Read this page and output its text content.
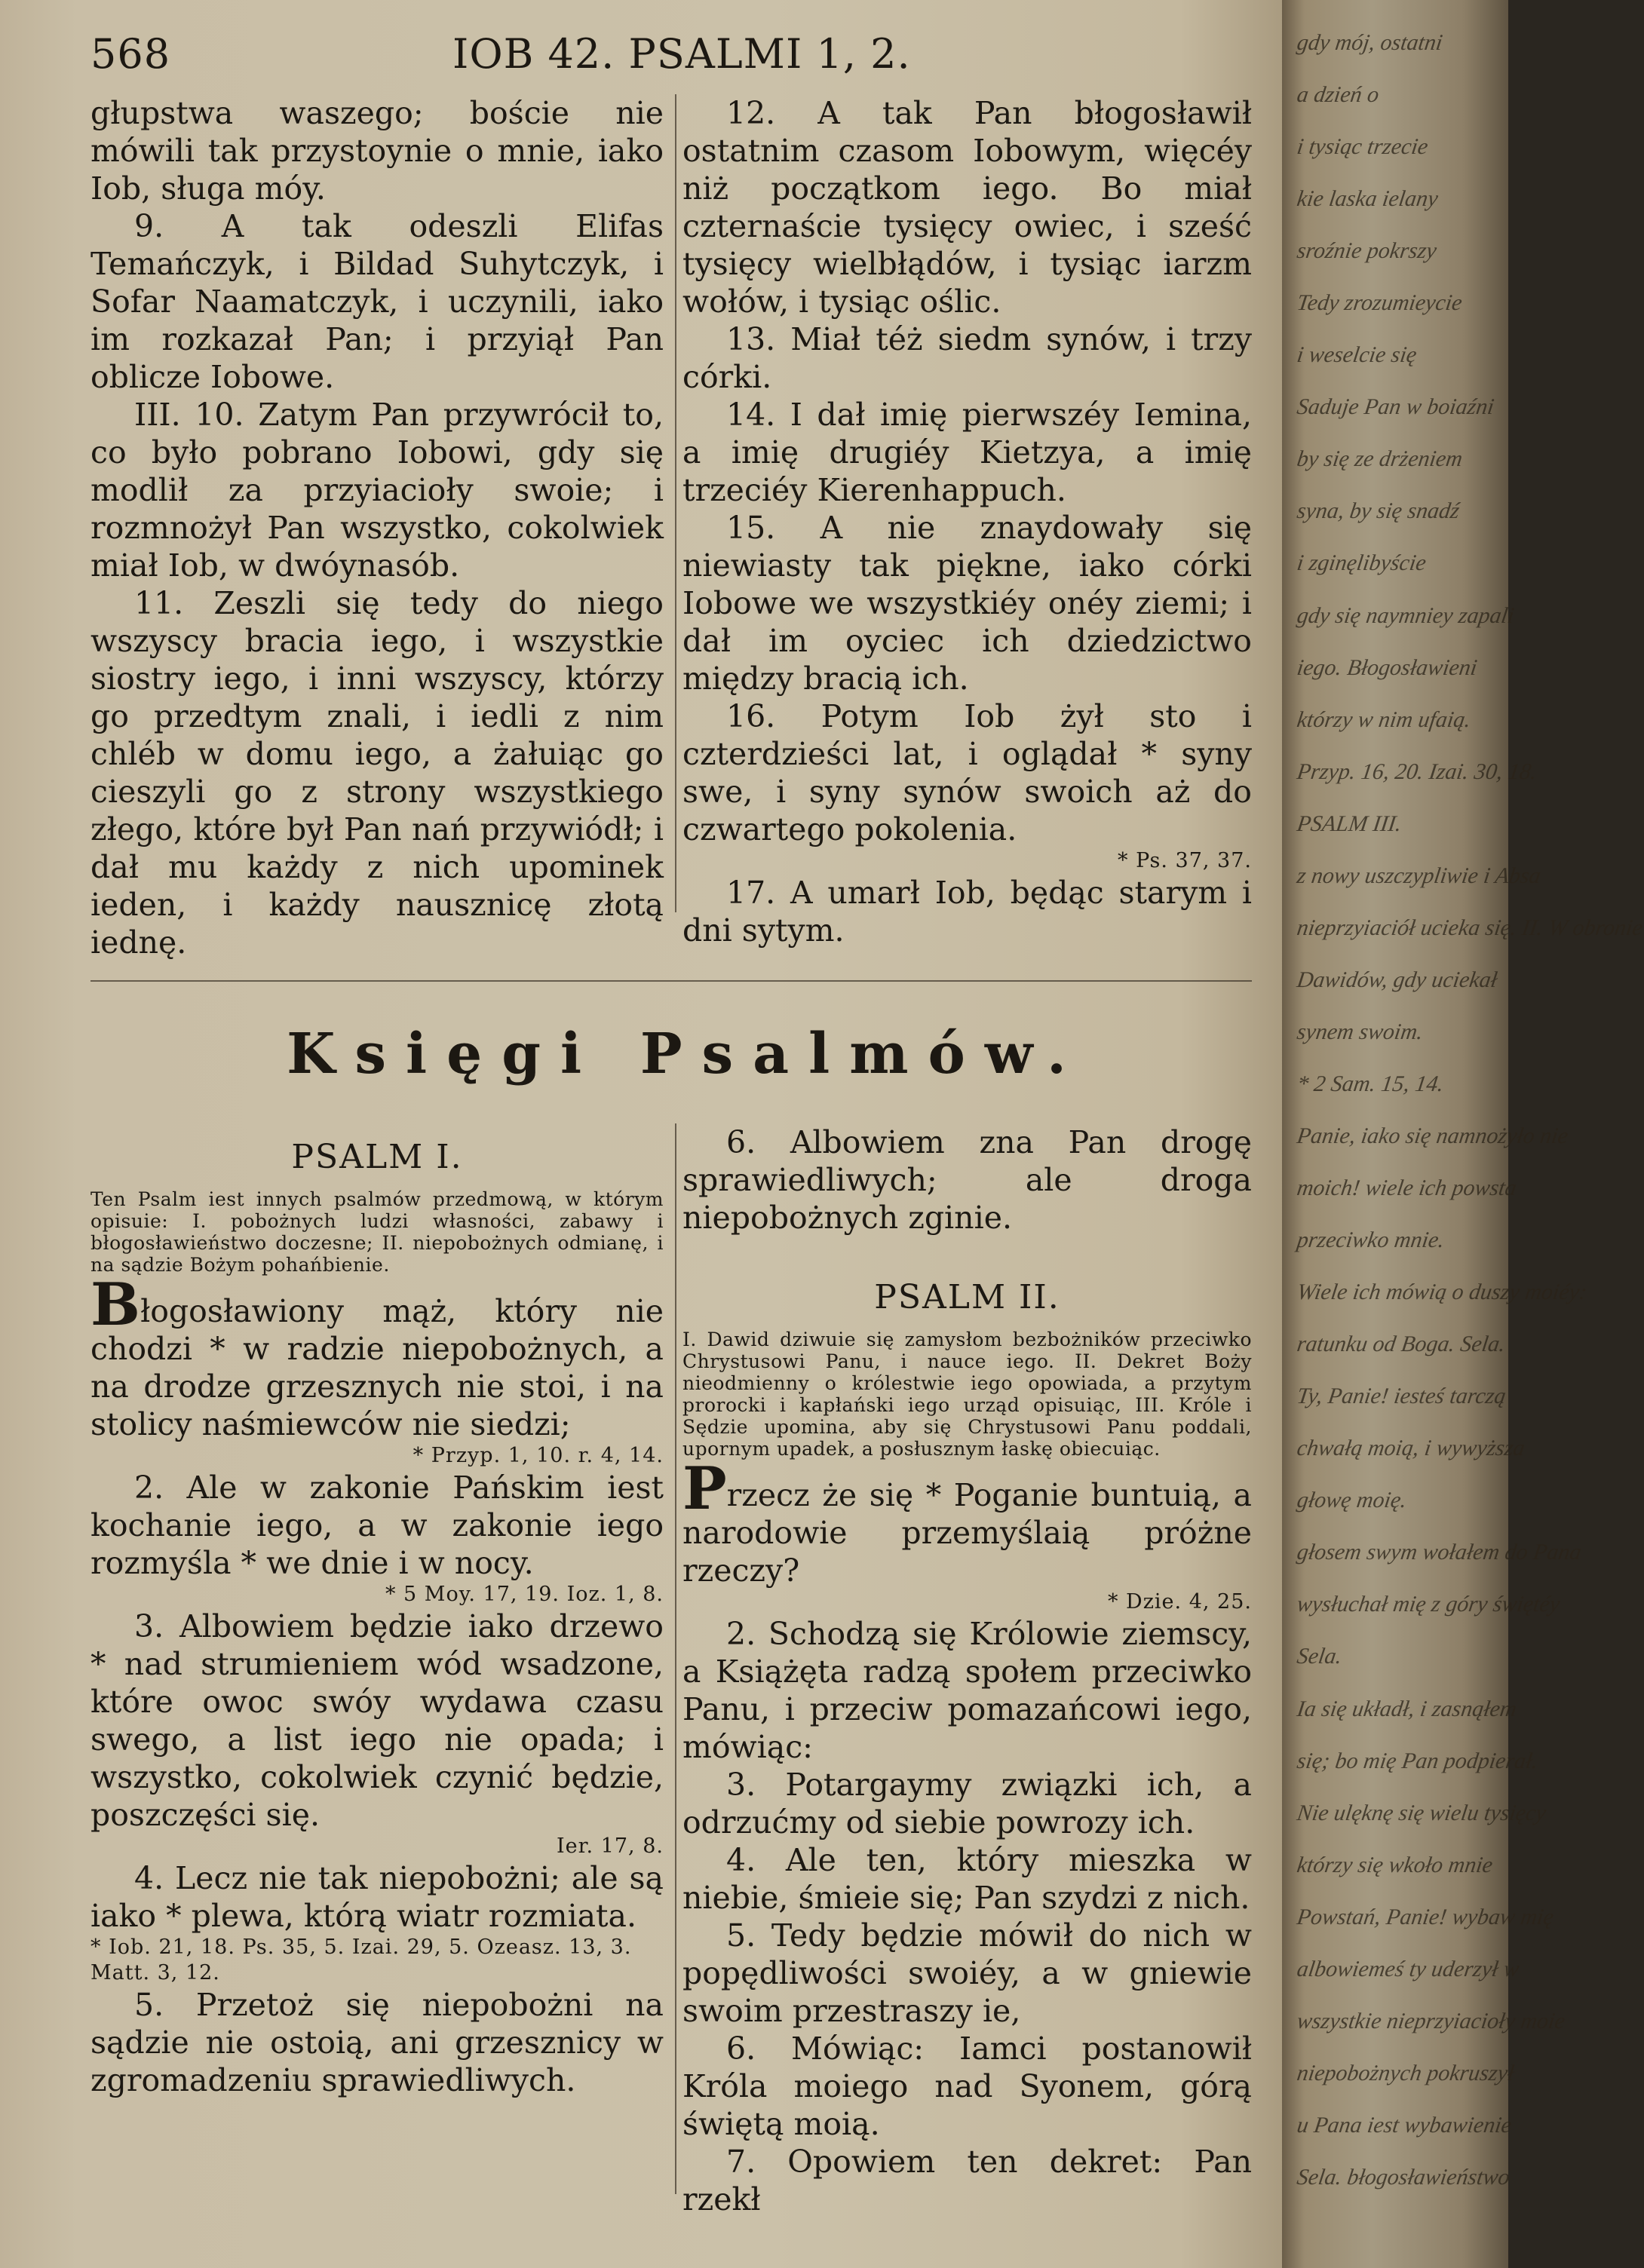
568	IOB 42. PSALMI 1, 2.

głupstwa waszego; boście nie mówili tak przystoynie o mnie, iako Iob, sługa móy.

9. A tak odeszli Elifas Temańczyk, i Bildad Suhytczyk, i Sofar Naamatczyk, i uczynili, iako im rozkazał Pan; i przyiął Pan oblicze Iobowe.

III. 10. Zatym Pan przywrócił to, co było pobrano Iobowi, gdy się modlił za przyiacioły swoie; i rozmnożył Pan wszystko, cokolwiek miał Iob, w dwóynasób.

11. Zeszli się tedy do niego wszyscy bracia iego, i wszystkie siostry iego, i inni wszyscy, którzy go przedtym znali, i iedli z nim chléb w domu iego, a żałuiąc go cieszyli go z strony wszystkiego złego, które był Pan nań przywiódł; i dał mu każdy z nich upominek ieden, i każdy nausznicę złotą iednę.

12. A tak Pan błogosławił ostatnim czasom Iobowym, więcéy niż początkom iego. Bo miał czternaście tysięcy owiec, i sześć tysięcy wielbłądów, i tysiąc iarzm wołów, i tysiąc oślic.

13. Miał téż siedm synów, i trzy córki.

14. I dał imię pierwszéy Iemina, a imię drugiéy Kietzya, a imię trzeciéy Kierenhappuch.

15. A nie znaydowały się niewiasty tak piękne, iako córki Iobowe we wszystkiéy onéy ziemi; i dał im oyciec ich dziedzictwo między bracią ich.

16. Potym Iob żył sto i czterdzieści lat, i oglądał * syny swe, i syny synów swoich aż do czwartego pokolenia.

* Ps. 37, 37.

17. A umarł Iob, będąc starym i dni sytym.

Księgi Psalmów.

PSALM I.

Ten Psalm iest innych psalmów przedmową, w którym opisuie: I. pobożnych ludzi własności, zabawy i błogosławieństwo doczesne; II. niepobożnych odmianę, i na sądzie Bożym pohańbienie.

Błogosławiony mąż, który nie chodzi * w radzie niepobożnych, a na drodze grzesznych nie stoi, i na stolicy naśmiewców nie siedzi;

* Przyp. 1, 10. r. 4, 14.

2. Ale w zakonie Pańskim iest kochanie iego, a w zakonie iego rozmyśla * we dnie i w nocy.

* 5 Moy. 17, 19. Ioz. 1, 8.

3. Albowiem będzie iako drzewo * nad strumieniem wód wsadzone, które owoc swóy wydawa czasu swego, a list iego nie opada; i wszystko, cokolwiek czynić będzie, poszczęści się.

Ier. 17, 8.

4. Lecz nie tak niepobożni; ale są iako * plewa, którą wiatr rozmiata.

* Iob. 21, 18. Ps. 35, 5. Izai. 29, 5. Ozeasz. 13, 3.

Matt. 3, 12.

5. Przetoż się niepobożni na sądzie nie ostoią, ani grzesznicy w zgromadzeniu sprawiedliwych.

6. Albowiem zna Pan drogę sprawiedliwych; ale droga niepobożnych zginie.

PSALM II.

I. Dawid dziwuie się zamysłom bezbożników przeciwko Chrystusowi Panu, i nauce iego. II. Dekret Boży nieodmienny o królestwie iego opowiada, a przytym prorocki i kapłański iego urząd opisuiąc, III. Króle i Sędzie upomina, aby się Chrystusowi Panu poddali, upornym upadek, a posłusznym łaskę obiecuiąc.

Przecz że się * Poganie buntuią, a narodowie przemyślaią próżne rzeczy?

* Dzie. 4, 25.

2. Schodzą się Królowie ziemscy, a Książęta radzą społem przeciwko Panu, i przeciw pomazańcowi iego, mówiąc:

3. Potargaymy związki ich, a odrzućmy od siebie powrozy ich.

4. Ale ten, który mieszka w niebie, śmieie się; Pan szydzi z nich.

5. Tedy będzie mówił do nich w popędliwości swoiéy, a w gniewie swoim przestraszy ie,

6. Mówiąc: Iamci postanowił Króla moiego nad Syonem, górą świętą moią.

7. Opowiem ten dekret: Pan rzekł

gdy mój, ostatni
a dzień o
i tysiąc trzecie
kie laska ielany
sroźnie pokrszy
Tedy zrozumieycie
i weselcie się
Saduje Pan w boiaźni
by się ze drżeniem
syna, by się snadź
i zginęlibyście
gdy się naymniey zapali
iego. Błogosławieni
którzy w nim ufaią.
Przyp. 16, 20. Izai. 30, 18.
PSALM III.
z nowy uszczypliwie i Absa
nieprzyiaciół ucieka się. II. W obronie
Dawidów, gdy uciekał
synem swoim.
* 2 Sam. 15, 14.
Panie, iako się namnożyło nie
moich! wiele ich powsta
przeciwko mnie.
Wiele ich mówią o duszy moiéy:
ratunku od Boga. Sela.
Ty, Panie! iesteś tarczą
chwałą moią, i wywyższa
głowę moię.
głosem swym wołałem do Pana
wysłuchał mię z góry świętéy
Sela.
Ia się układł, i zasnąłem
się; bo mię Pan podpierał.
Nie ulęknę się wielu tysięcy
którzy się wkoło mnie
Powstań, Panie! wybaw mię
albowiemeś ty uderzył w
wszystkie nieprzyiacioły moie
niepobożnych pokruszył
u Pana iest wybawienie
Sela. błogosławieństwo
